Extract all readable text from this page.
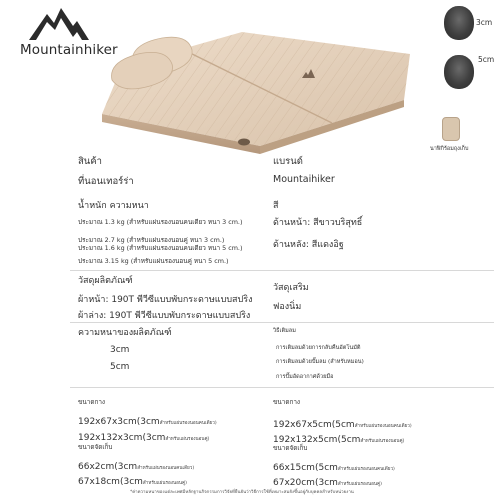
Mountainhiker
3cm
5cm
นาฬิกิร้อมถุงเก็บ
สินค้า
ที่นอนเทอร์ร่า
แบรนด์
Mountaihiker
น้ำหนัก ความหนา
ประมาณ 1.3 kg (สำหรับแผ่นรองนอนคนเดียว หนา 3 cm.)
ประมาณ 2.7 kg (สำหรับแผ่นรองนอนคู่ หนา 3 cm.)
ประมาณ 1.6 kg (สำหรับแผ่นรองนอนคนเดียว หนา 5 cm.)
ประมาณ 3.15 kg (สำหรับแผ่นรองนอนคู่ หนา 5 cm.)
สี
ด้านหน้า: สีขาวบริสุทธิ์
ด้านหลัง: สีแดงอิฐ
วัสดุผลิตภัณฑ์
ผ้าหน้า: 190T พีวีซีแบบพับกระดาษแบบสปริง
ผ้าล่าง: 190T พีวีซีแบบพับกระดาษแบบสปริง
วัสดุเสริม
ฟองนิ่ม
ความหนาของผลิตภัณฑ์
3cm
5cm
วิธีเติมลม
การเติมลมด้วยการกลับคืนอัตโนมัติ
การเติมลมด้วยปั๊มลม (สำหรับหมอน)
การปั๊มอัดอากาศด้วยมือ
ขนาดกาง
192x67x3cm(3cmสำหรับแผ่นรองนอนคนเดียว)
192x132x3cm(3cmสำหรับแผ่นรองนอนคู่)
ขนาดจัดเก็บ
66x2cm(3cmสำหรับแผ่นรองนอนคนเดียว)
67x18cm(3cmสำหรับแผ่นรองนอนคู่)
ขนาดกาง
192x67x5cm(5cmสำหรับแผ่นรองนอนคนเดียว)
192x132x5cm(5cmสำหรับแผ่นรองนอนคู่)
ขนาดจัดเก็บ
66x15cm(5cmสำหรับแผ่นรองนอนคนเดียว)
67x20cm(3cmสำหรับแผ่นรองนอนคู่)
*ค่าความหนาของแต่ละเพศมีหลักฐานกิจกรรมการวิจัยที่ยืนยันว่าวิธีการใช้ที่เหมาะสมยังขึ้นอยู่กับบุคคลสำหรับหน่วยงาน
